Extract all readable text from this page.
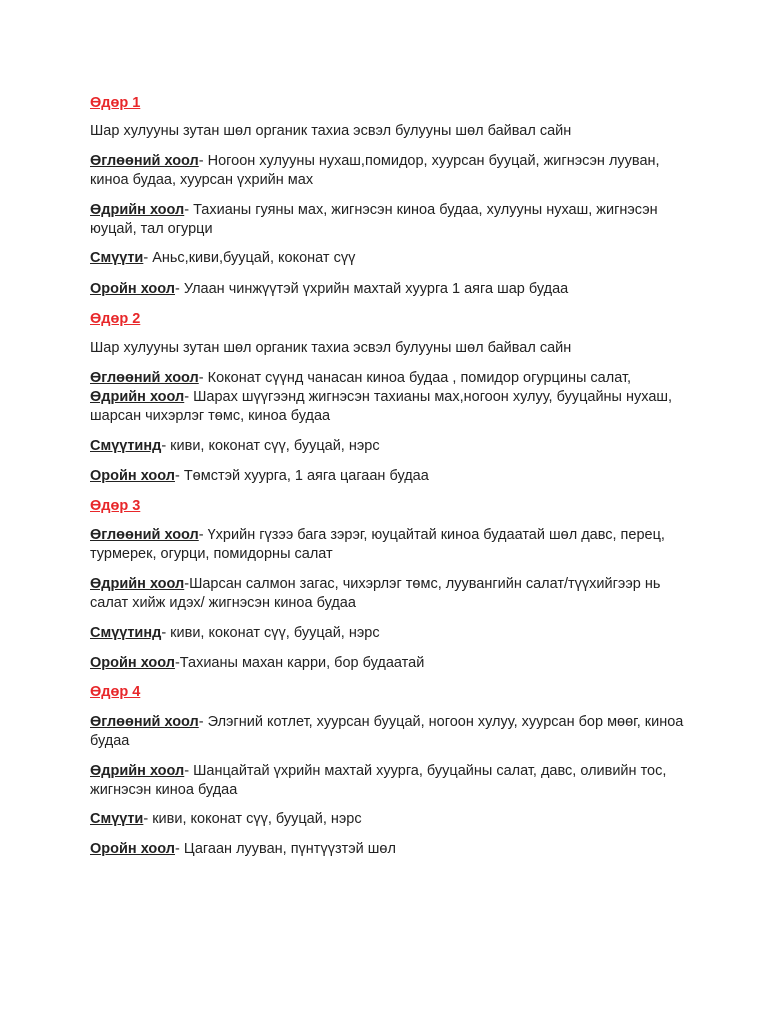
Өдөр 1

Шар хулууны зутан шөл органик тахиа эсвэл булууны шөл байвал сайн

Өглөөний хоол- Ногоон хулууны нухаш,помидор, хуурсан бууцай, жигнэсэн лууван, киноа будаа, хуурсан үхрийн мах

Өдрийн хоол- Тахианы гуяны мах, жигнэсэн киноа будаа, хулууны нухаш, жигнэсэн юуцай, тал огурци

Смүүти- Аньс,киви,бууцай, коконат сүү

Оройн хоол- Улаан чинжүүтэй үхрийн махтай хуурга 1 аяга шар будаа

Өдөр 2

Шар хулууны зутан шөл органик тахиа эсвэл булууны шөл байвал сайн

Өглөөний хоол- Коконат сүүнд чанасан киноа будаа , помидор огурцины салат,

Өдрийн хоол- Шарах шүүгээнд жигнэсэн тахианы мах,ногоон хулуу, бууцайны нухаш, шарсан чихэрлэг төмс, киноа будаа

Смүүтинд- киви, коконат сүү, бууцай, нэрс

Оройн хоол- Төмстэй хуурга, 1 аяга цагаан будаа

Өдөр 3

Өглөөний хоол- Үхрийн гүзээ бага зэрэг, юуцайтай киноа будаатай шөл давс, перец, турмерек, огурци, помидорны салат

Өдрийн хоол-Шарсан салмон загас, чихэрлэг төмс, луувангийн салат/түүхийгээр нь салат хийж идэх/ жигнэсэн киноа будаа

Смүүтинд- киви, коконат сүү, бууцай, нэрс

Оройн хоол-Тахианы махан карри, бор будаатай

Өдөр 4

Өглөөний хоол- Элэгний котлет, хуурсан бууцай, ногоон хулуу, хуурсан бор мөөг, киноа будаа

Өдрийн хоол- Шанцайтай үхрийн махтай хуурга, бууцайны салат, давс, оливийн тос, жигнэсэн киноа будаа

Смүүти- киви, коконат сүү, бууцай, нэрс

Оройн хоол- Цагаан лууван, пүнтүүзтэй шөл
